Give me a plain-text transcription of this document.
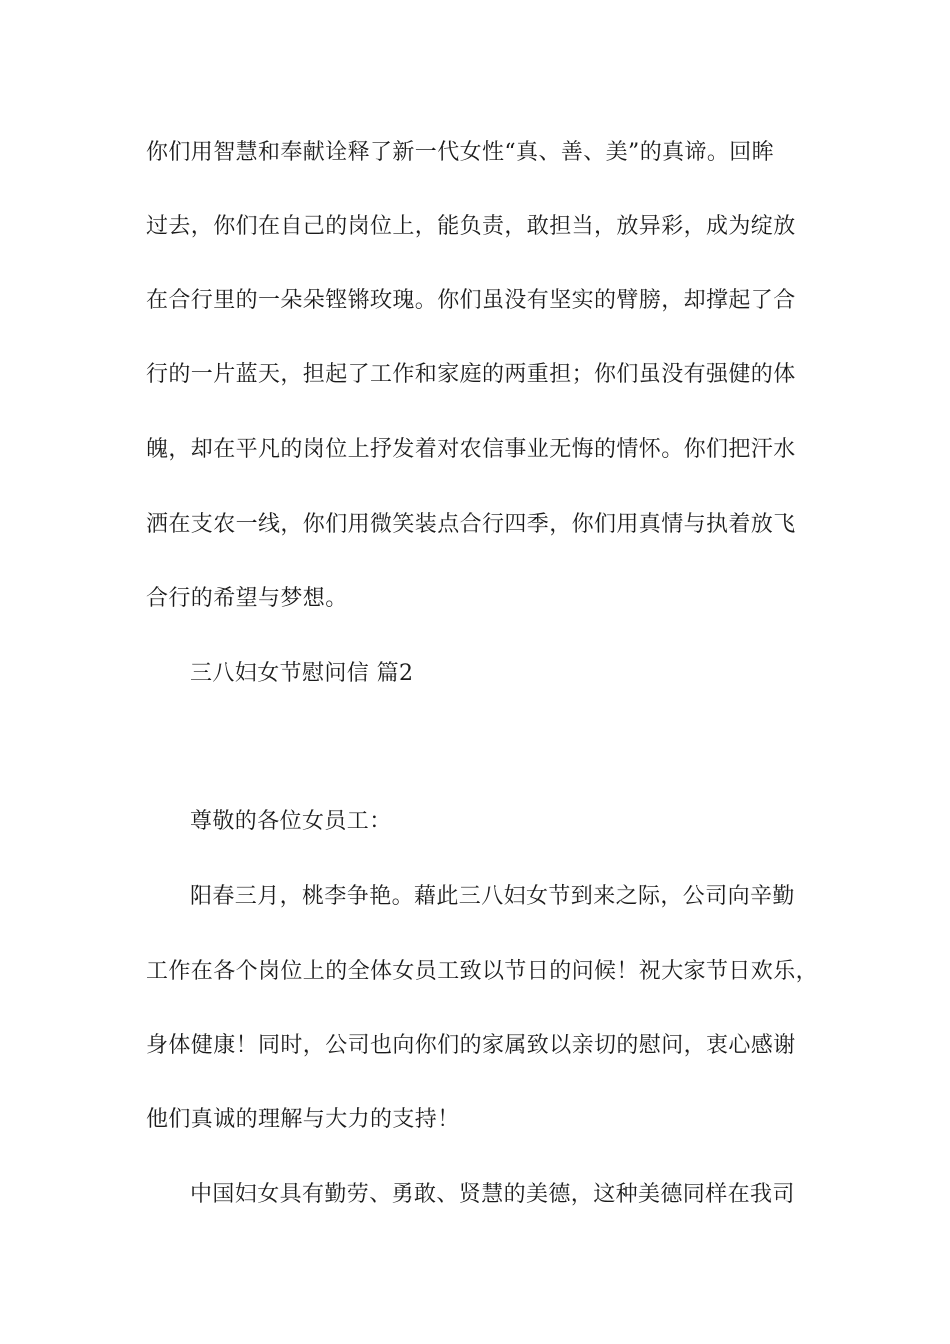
你们用智慧和奉献诠释了新一代女性“真、善、美”的真谛。回眸
过去，你们在自己的岗位上，能负责，敢担当，放异彩，成为绽放
在合行里的一朵朵铿锵玫瑰。你们虽没有坚实的臂膀，却撑起了合
行的一片蓝天，担起了工作和家庭的两重担；你们虽没有强健的体
魄，却在平凡的岗位上抒发着对农信事业无悔的情怀。你们把汗水
洒在支农一线，你们用微笑装点合行四季，你们用真情与执着放飞
合行的希望与梦想。
三八妇女节慰问信 篇2
尊敬的各位女员工：
阳春三月，桃李争艳。藉此三八妇女节到来之际，公司向辛勤
工作在各个岗位上的全体女员工致以节日的问候！祝大家节日欢乐，
身体健康！同时，公司也向你们的家属致以亲切的慰问，衷心感谢
他们真诚的理解与大力的支持！
中国妇女具有勤劳、勇敢、贤慧的美德，这种美德同样在我司
